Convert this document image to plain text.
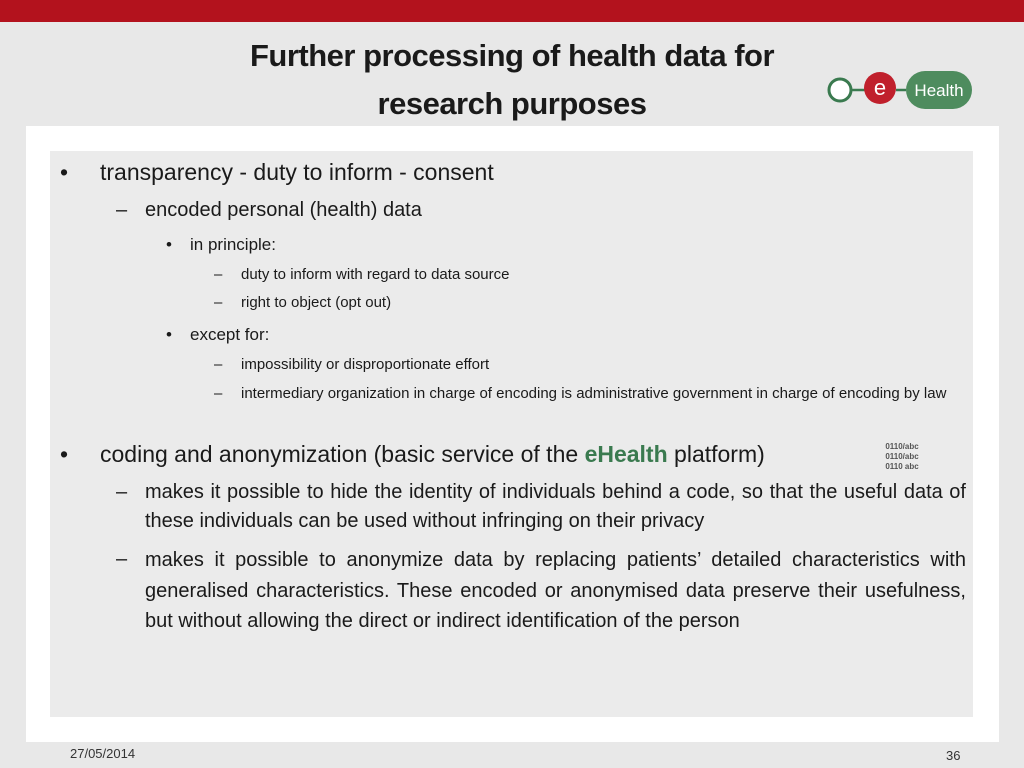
Further processing of health data for
research purposes	e Health
• transparency - duty to inform - consent
– encoded personal (health) data
• in principle:
– duty to inform with regard to data source
– right to object (opt out)
• except for:
– impossibility or disproportionate effort
– intermediary organization in charge of encoding is administrative government in charge of encoding by law
• coding and anonymization (basic service of the eHealth platform)	0110/abc
0110/abc
0110 abc
– makes it possible to hide the identity of individuals behind a code, so that the useful data of these individuals can be used without infringing on their privacy
– makes it possible to anonymize data by replacing patients’ detailed characteristics with generalised characteristics. These encoded or anonymised data preserve their usefulness, but without allowing the direct or indirect identification of the person
27/05/2014	36
